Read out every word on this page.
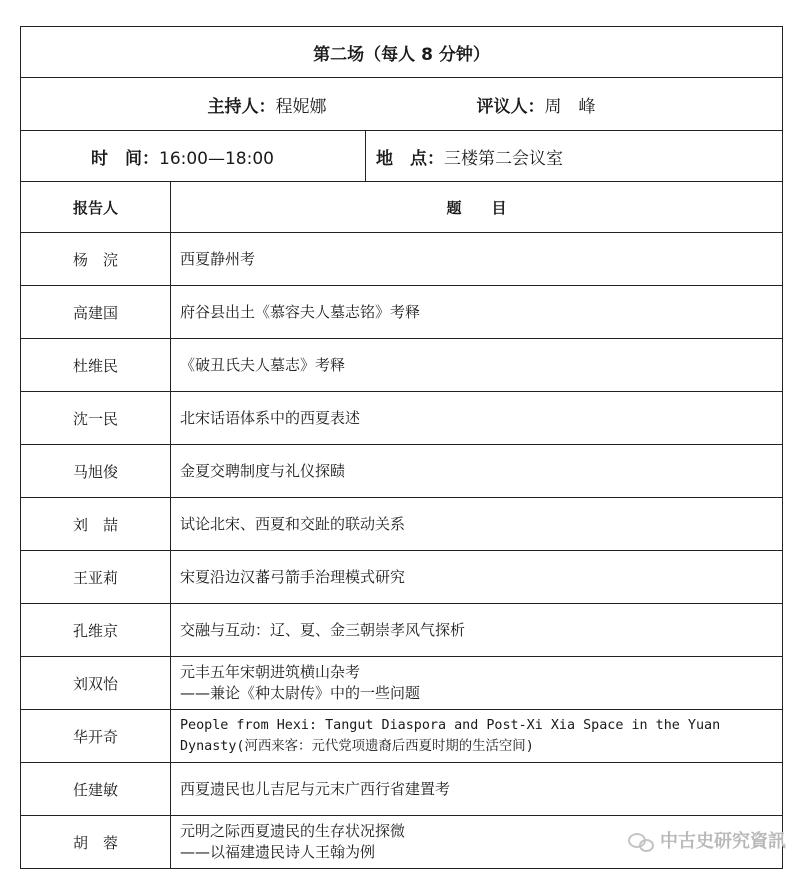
第二场（每人 8 分钟）		

主持人：程妮娜 评议人：周　峰		

时　间：16:00—18:00		地　点：三楼第二会议室
报告人	题　　目	
杨　浣	西夏静州考	

高建国	府谷县出土《慕容夫人墓志铭》考释	

杜维民	《破丑氏夫人墓志》考释	

沈一民	北宋话语体系中的西夏表述	

马旭俊	金夏交聘制度与礼仪探赜	

刘　喆	试论北宋、西夏和交趾的联动关系	

王亚莉	宋夏沿边汉蕃弓箭手治理模式研究	

孔维京	交融与互动：辽、夏、金三朝崇孝风气探析	

刘双怡	元丰五年宋朝进筑横山杂考
——兼论《种太尉传》中的一些问题	

华开奇	People from Hexi: Tangut Diaspora and Post-Xi Xia Space in the Yuan
Dynasty(河西来客：元代党项遗裔后西夏时期的生活空间)	

任建敏	西夏遗民也儿吉尼与元末广西行省建置考	

胡　蓉	元明之际西夏遗民的生存状况探微
——以福建遗民诗人王翰为例		中古史研究資訊
